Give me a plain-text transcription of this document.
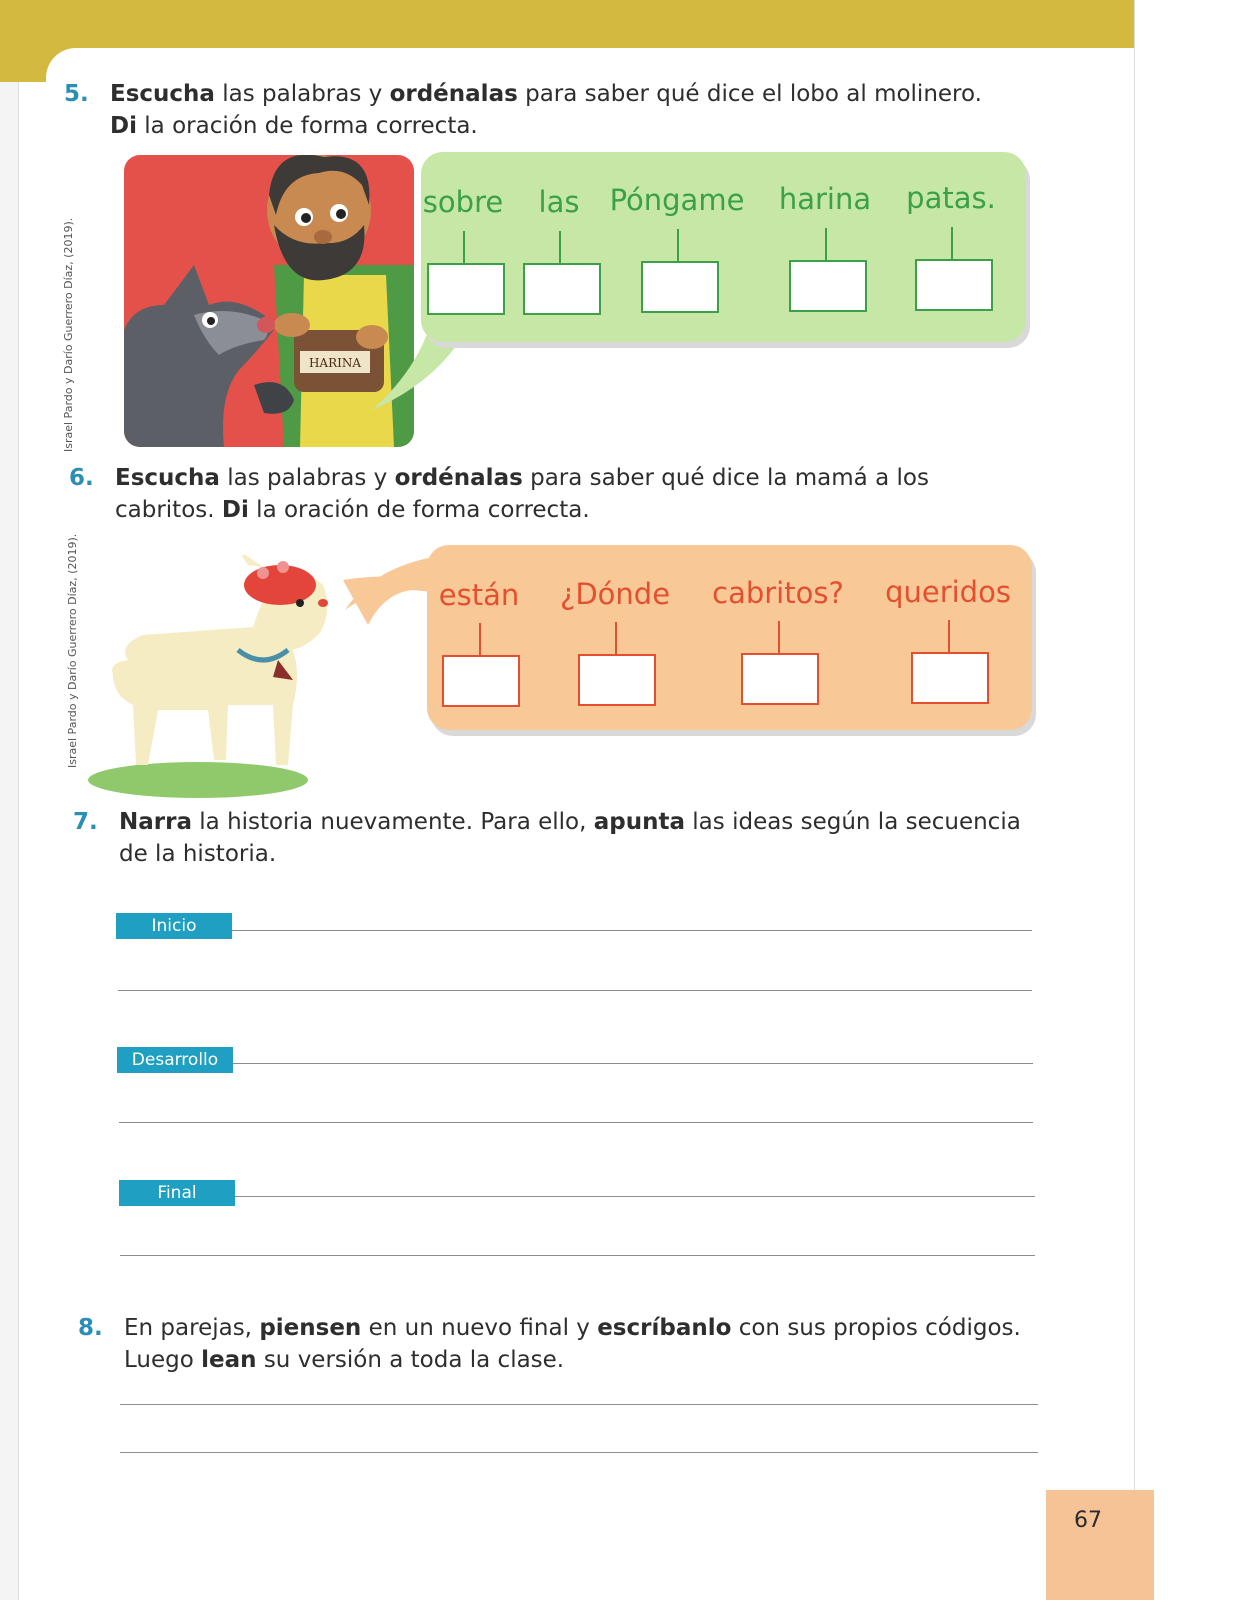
5. Escucha las palabras y ordénalas para saber qué dice el lobo al molinero.
Di la oración de forma correcta.
Israel Pardo y Darío Guerrero Díaz, (2019).	HARINA
sobre las Póngame harina patas.
6. Escucha las palabras y ordénalas para saber qué dice la mamá a los
cabritos. Di la oración de forma correcta.
Israel Pardo y Darío Guerrero Díaz, (2019).	están ¿Dónde cabritos? queridos
7. Narra la historia nuevamente. Para ello, apunta las ideas según la secuencia
de la historia.
Inicio
Desarrollo
Final
8. En parejas, piensen en un nuevo final y escríbanlo con sus propios códigos.
Luego lean su versión a toda la clase.
67
